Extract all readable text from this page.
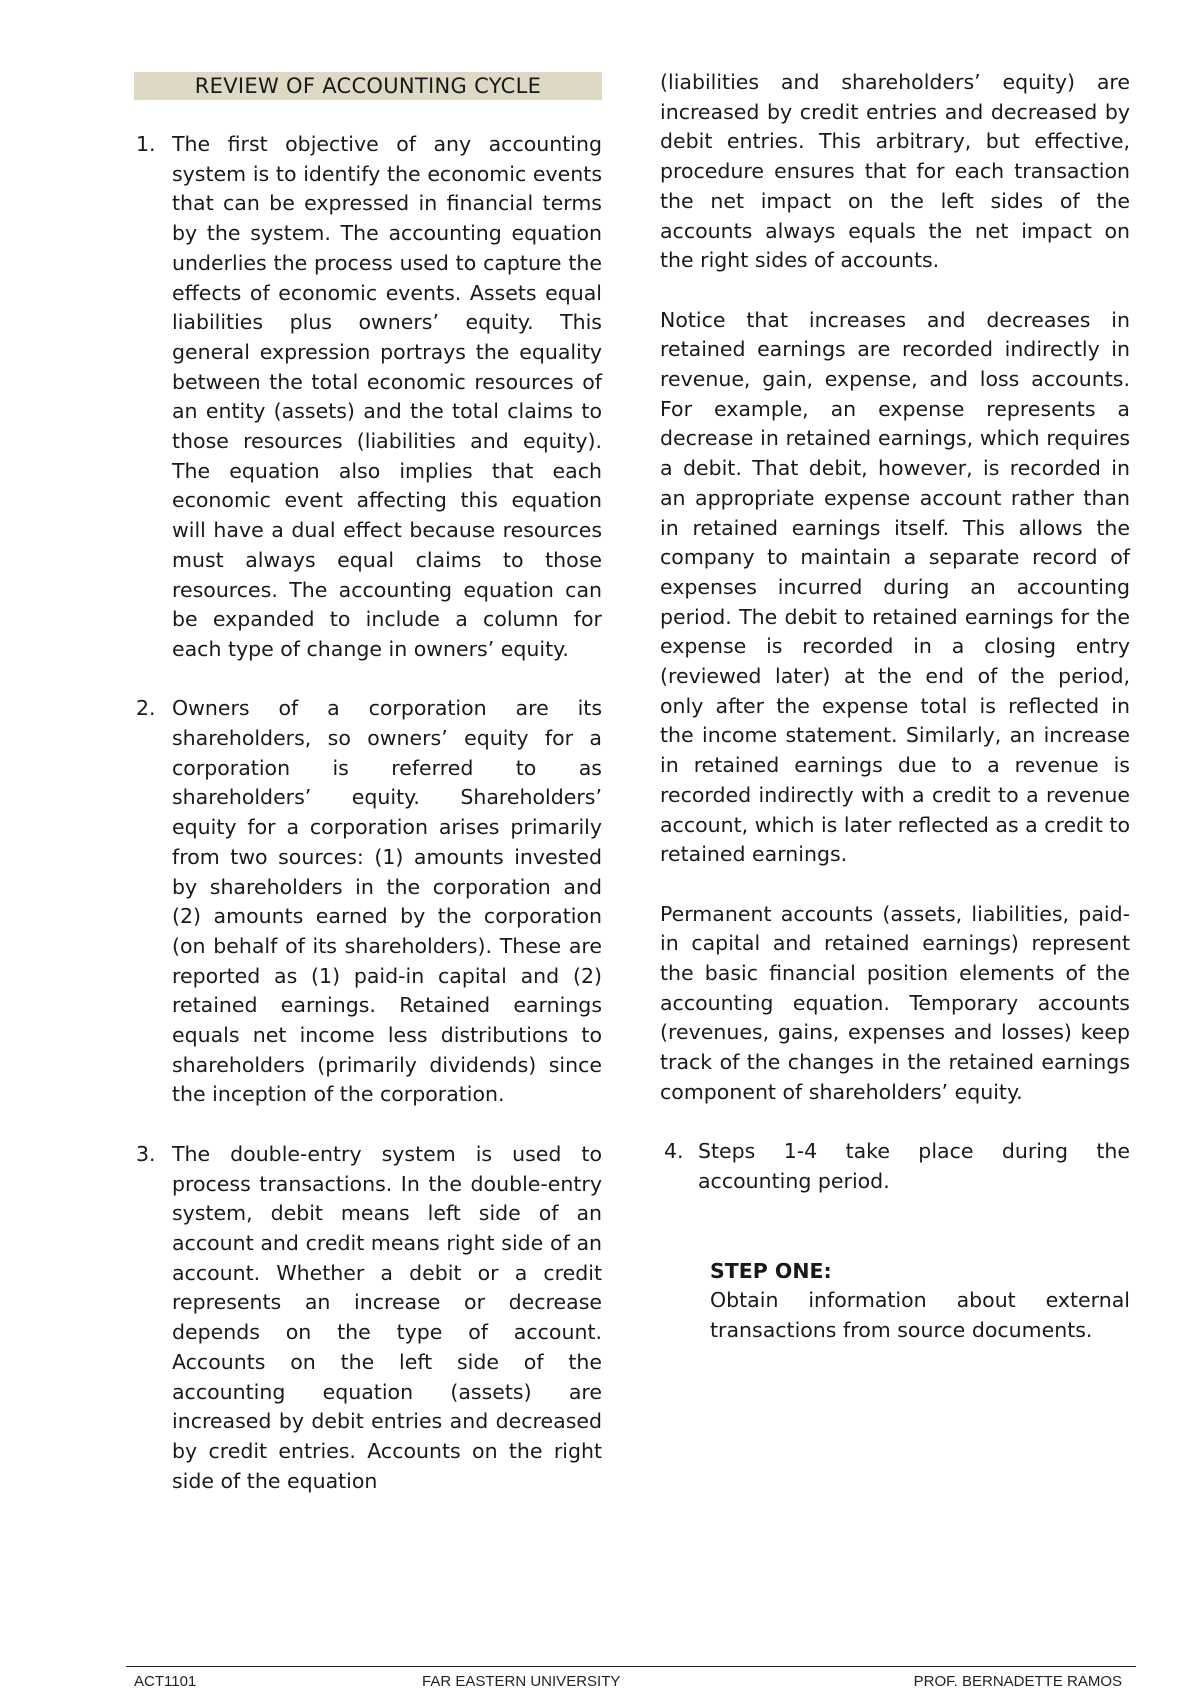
REVIEW OF ACCOUNTING CYCLE
1. The first objective of any accounting system is to identify the economic events that can be expressed in financial terms by the system. The accounting equation underlies the process used to capture the effects of economic events. Assets equal liabilities plus owners’ equity. This general expression portrays the equality between the total economic resources of an entity (assets) and the total claims to those resources (liabilities and equity). The equation also implies that each economic event affecting this equation will have a dual effect because resources must always equal claims to those resources. The accounting equation can be expanded to include a column for each type of change in owners’ equity.
2. Owners of a corporation are its shareholders, so owners’ equity for a corporation is referred to as shareholders’ equity. Shareholders’ equity for a corporation arises primarily from two sources: (1) amounts invested by shareholders in the corporation and (2) amounts earned by the corporation (on behalf of its shareholders). These are reported as (1) paid-in capital and (2) retained earnings. Retained earnings equals net income less distributions to shareholders (primarily dividends) since the inception of the corporation.
3. The double-entry system is used to process transactions. In the double-entry system, debit means left side of an account and credit means right side of an account. Whether a debit or a credit represents an increase or decrease depends on the type of account. Accounts on the left side of the accounting equation (assets) are increased by debit entries and decreased by credit entries. Accounts on the right side of the equation

(liabilities and shareholders’ equity) are increased by credit entries and decreased by debit entries. This arbitrary, but effective, procedure ensures that for each transaction the net impact on the left sides of the accounts always equals the net impact on the right sides of accounts.

Notice that increases and decreases in retained earnings are recorded indirectly in revenue, gain, expense, and loss accounts. For example, an expense represents a decrease in retained earnings, which requires a debit. That debit, however, is recorded in an appropriate expense account rather than in retained earnings itself. This allows the company to maintain a separate record of expenses incurred during an accounting period. The debit to retained earnings for the expense is recorded in a closing entry (reviewed later) at the end of the period, only after the expense total is reflected in the income statement. Similarly, an increase in retained earnings due to a revenue is recorded indirectly with a credit to a revenue account, which is later reflected as a credit to retained earnings.

Permanent accounts (assets, liabilities, paid-in capital and retained earnings) represent the basic financial position elements of the accounting equation. Temporary accounts (revenues, gains, expenses and losses) keep track of the changes in the retained earnings component of shareholders’ equity.

4. Steps 1-4 take place during the accounting period.

STEP ONE:

Obtain information about external transactions from source documents.

ACT1101	FAR EASTERN UNIVERSITY	PROF. BERNADETTE RAMOS
